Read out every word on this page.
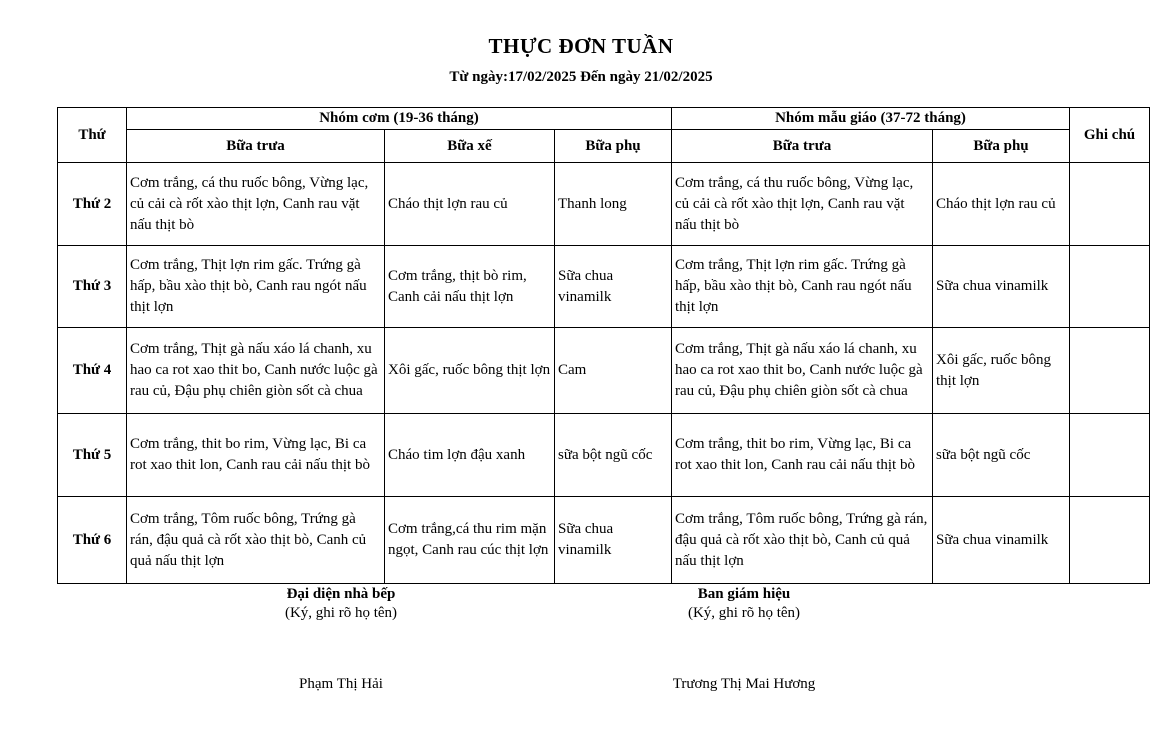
THỰC ĐƠN TUẦN
Từ ngày:17/02/2025 Đến ngày 21/02/2025
Thứ	Nhóm cơm (19-36 tháng)			Nhóm mẫu giáo (37-72 tháng)		Ghi chú
	Bữa trưa	Bữa xế	Bữa phụ	Bữa trưa	Bữa phụ	
Thứ 2	Cơm trắng, cá thu ruốc bông, Vừng lạc, củ cải cà rốt xào thịt lợn, Canh rau vặt nấu thịt bò	Cháo thịt lợn rau củ	Thanh long	Cơm trắng, cá thu ruốc bông, Vừng lạc, củ cải cà rốt xào thịt lợn, Canh rau vặt nấu thịt bò	Cháo thịt lợn rau củ	
Thứ 3	Cơm trắng, Thịt lợn rim gấc. Trứng gà hấp, bầu xào thịt bò, Canh rau ngót nấu thịt lợn	Cơm trắng, thịt bò rim, Canh cải nấu thịt lợn	Sữa chua vinamilk	Cơm trắng, Thịt lợn rim gấc. Trứng gà hấp, bầu xào thịt bò, Canh rau ngót nấu thịt lợn	Sữa chua vinamilk	
Thứ 4	Cơm trắng, Thịt gà nấu xáo lá chanh, xu hao ca rot xao thit bo, Canh nước luộc gà rau củ, Đậu phụ chiên giòn sốt cà chua	Xôi gấc, ruốc bông thịt lợn	Cam	Cơm trắng, Thịt gà nấu xáo lá chanh, xu hao ca rot xao thit bo, Canh nước luộc gà rau củ, Đậu phụ chiên giòn sốt cà chua	Xôi gấc, ruốc bông thịt lợn	
Thứ 5	Cơm trắng, thit bo rim, Vừng lạc, Bi ca rot xao thit lon, Canh rau cải nấu thịt bò	Cháo tim lợn đậu xanh	sữa bột ngũ cốc	Cơm trắng, thit bo rim, Vừng lạc, Bi ca rot xao thit lon, Canh rau cải nấu thịt bò	sữa bột ngũ cốc	
Thứ 6	Cơm trắng, Tôm ruốc bông, Trứng gà rán, đậu quả cà rốt xào thịt bò, Canh củ quả nấu thịt lợn	Cơm trắng,cá thu rim mặn ngọt, Canh rau cúc thịt lợn	Sữa chua vinamilk	Cơm trắng, Tôm ruốc bông, Trứng gà rán, đậu quả cà rốt xào thịt bò, Canh củ quả nấu thịt lợn	Sữa chua vinamilk	
Đại diện nhà bếp
(Ký, ghi rõ họ tên)
Phạm Thị Hải
Ban giám hiệu
(Ký, ghi rõ họ tên)
Trương Thị Mai Hương
